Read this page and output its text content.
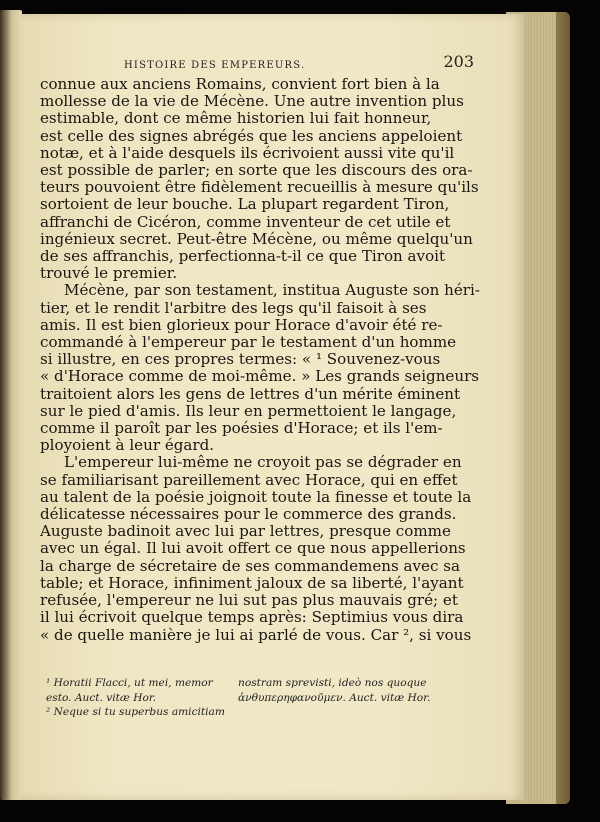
HISTOIRE DES EMPEREURS.	203
connue aux anciens Romains, convient fort bien à la
mollesse de la vie de Mécène. Une autre invention plus
estimable, dont ce même historien lui fait honneur,
est celle des signes abrégés que les anciens appeloient
notæ, et à l'aide desquels ils écrivoient aussi vite qu'il
est possible de parler; en sorte que les discours des ora-
teurs pouvoient être fidèlement recueillis à mesure qu'ils
sortoient de leur bouche. La plupart regardent Tiron,
affranchi de Cicéron, comme inventeur de cet utile et
ingénieux secret. Peut-être Mécène, ou même quelqu'un
de ses affranchis, perfectionna-t-il ce que Tiron avoit
trouvé le premier.
Mécène, par son testament, institua Auguste son héri-
tier, et le rendit l'arbitre des legs qu'il faisoit à ses
amis. Il est bien glorieux pour Horace d'avoir été re-
commandé à l'empereur par le testament d'un homme
si illustre, en ces propres termes: « ¹ Souvenez-vous
« d'Horace comme de moi-même. » Les grands seigneurs
traitoient alors les gens de lettres d'un mérite éminent
sur le pied d'amis. Ils leur en permettoient le langage,
comme il paroît par les poésies d'Horace; et ils l'em-
ployoient à leur égard.
L'empereur lui-même ne croyoit pas se dégrader en
se familiarisant pareillement avec Horace, qui en effet
au talent de la poésie joignoit toute la finesse et toute la
délicatesse nécessaires pour le commerce des grands.
Auguste badinoit avec lui par lettres, presque comme
avec un égal. Il lui avoit offert ce que nous appellerions
la charge de sécretaire de ses commandemens avec sa
table; et Horace, infiniment jaloux de sa liberté, l'ayant
refusée, l'empereur ne lui sut pas plus mauvais gré; et
il lui écrivoit quelque temps après: Septimius vous dira
« de quelle manière je lui ai parlé de vous. Car ², si vous
¹ Horatii Flacci, ut mei, memor
esto. Auct. vitæ Hor.
² Neque si tu superbus amicitiam
nostram sprevisti, ideò nos quoque
ἀνθυπερηφανοῦμεν. Auct. vitæ Hor.
